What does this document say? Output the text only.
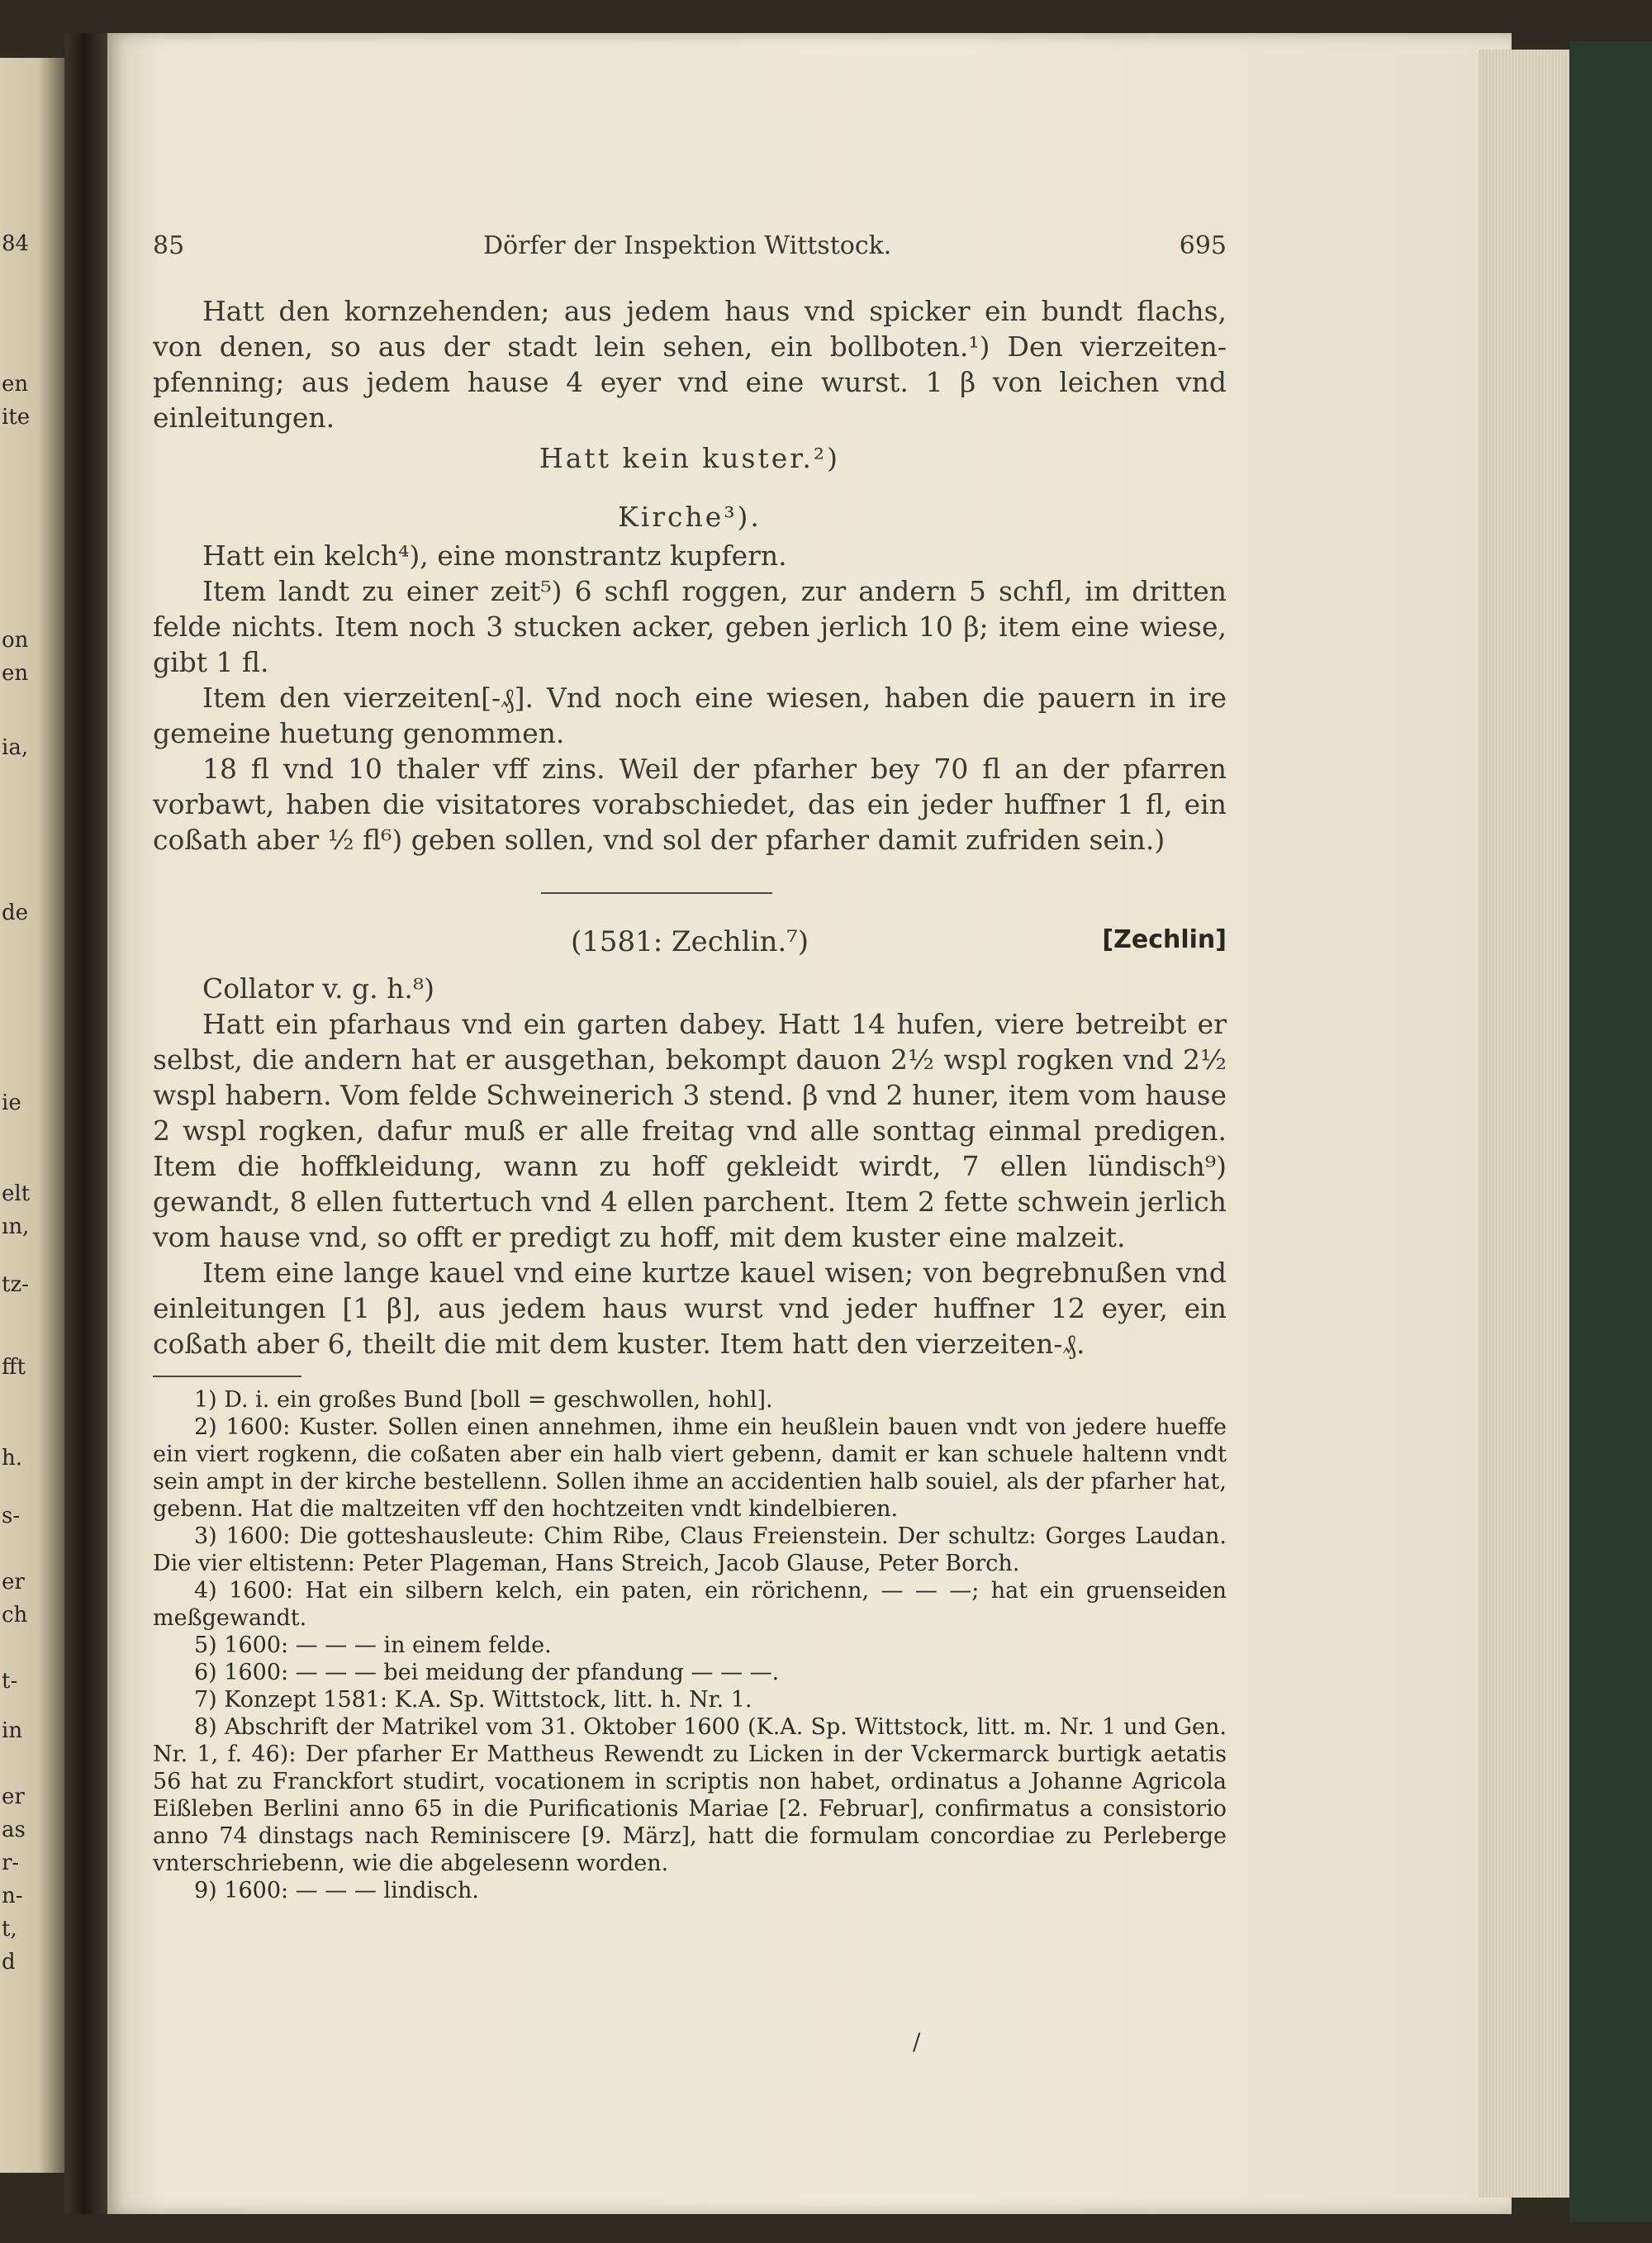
84
en
ite
on
en
ia,
de
ie
elt
ın,
tz-
fft
h.
s-
er
ch
t-
in
er
as
r-
n-
t,
d
85	Dörfer der Inspektion Wittstock.	695

Hatt den kornzehenden; aus jedem haus vnd spicker ein bundt flachs, von denen, so aus der stadt lein sehen, ein bollboten.¹) Den vierzeiten-pfenning; aus jedem hause 4 eyer vnd eine wurst. 1 β von leichen vnd einleitungen.

Hatt kein kuster.²)

Kirche³).

Hatt ein kelch⁴), eine monstrantz kupfern.

Item landt zu einer zeit⁵) 6 schfl roggen, zur andern 5 schfl, im dritten felde nichts. Item noch 3 stucken acker, geben jerlich 10 β; item eine wiese, gibt 1 fl.

Item den vierzeiten[-₰]. Vnd noch eine wiesen, haben die pauern in ire gemeine huetung genommen.

18 fl vnd 10 thaler vff zins. Weil der pfarher bey 70 fl an der pfarren vorbawt, haben die visitatores vorabschiedet, das ein jeder huffner 1 fl, ein coßath aber ½ fl⁶) geben sollen, vnd sol der pfarher damit zufriden sein.)

(1581: Zechlin.⁷)	[Zechlin]

Collator v. g. h.⁸)

Hatt ein pfarhaus vnd ein garten dabey. Hatt 14 hufen, viere betreibt er selbst, die andern hat er ausgethan, bekompt dauon 2½ wspl rogken vnd 2½ wspl habern. Vom felde Schweinerich 3 stend. β vnd 2 huner, item vom hause 2 wspl rogken, dafur muß er alle freitag vnd alle sonttag einmal predigen. Item die hoffkleidung, wann zu hoff gekleidt wirdt, 7 ellen lündisch⁹) gewandt, 8 ellen futtertuch vnd 4 ellen parchent. Item 2 fette schwein jerlich vom hause vnd, so offt er predigt zu hoff, mit dem kuster eine malzeit.

Item eine lange kauel vnd eine kurtze kauel wisen; von begrebnußen vnd einleitungen [1 β], aus jedem haus wurst vnd jeder huffner 12 eyer, ein coßath aber 6, theilt die mit dem kuster. Item hatt den vierzeiten-₰.

1) D. i. ein großes Bund [boll = geschwollen, hohl].

2) 1600: Kuster. Sollen einen annehmen, ihme ein heußlein bauen vndt von jedere hueffe ein viert rogkenn, die coßaten aber ein halb viert gebenn, damit er kan schuele haltenn vndt sein ampt in der kirche bestellenn. Sollen ihme an accidentien halb souiel, als der pfarher hat, gebenn. Hat die maltzeiten vff den hochtzeiten vndt kindelbieren.

3) 1600: Die gotteshausleute: Chim Ribe, Claus Freienstein. Der schultz: Gorges Laudan. Die vier eltistenn: Peter Plageman, Hans Streich, Jacob Glause, Peter Borch.

4) 1600: Hat ein silbern kelch, ein paten, ein rörichenn, — — —; hat ein gruenseiden meßgewandt.

5) 1600: — — — in einem felde.

6) 1600: — — — bei meidung der pfandung — — —.

7) Konzept 1581: K.A. Sp. Wittstock, litt. h. Nr. 1.

8) Abschrift der Matrikel vom 31. Oktober 1600 (K.A. Sp. Wittstock, litt. m. Nr. 1 und Gen. Nr. 1, f. 46): Der pfarher Er Mattheus Rewendt zu Licken in der Vckermarck burtigk aetatis 56 hat zu Franckfort studirt, vocationem in scriptis non habet, ordinatus a Johanne Agricola Eißleben Berlini anno 65 in die Purificationis Mariae [2. Februar], confirmatus a consistorio anno 74 dinstags nach Reminiscere [9. März], hatt die formulam concordiae zu Perleberge vnterschriebenn, wie die abgelesenn worden.

9) 1600: — — — lindisch.

/
